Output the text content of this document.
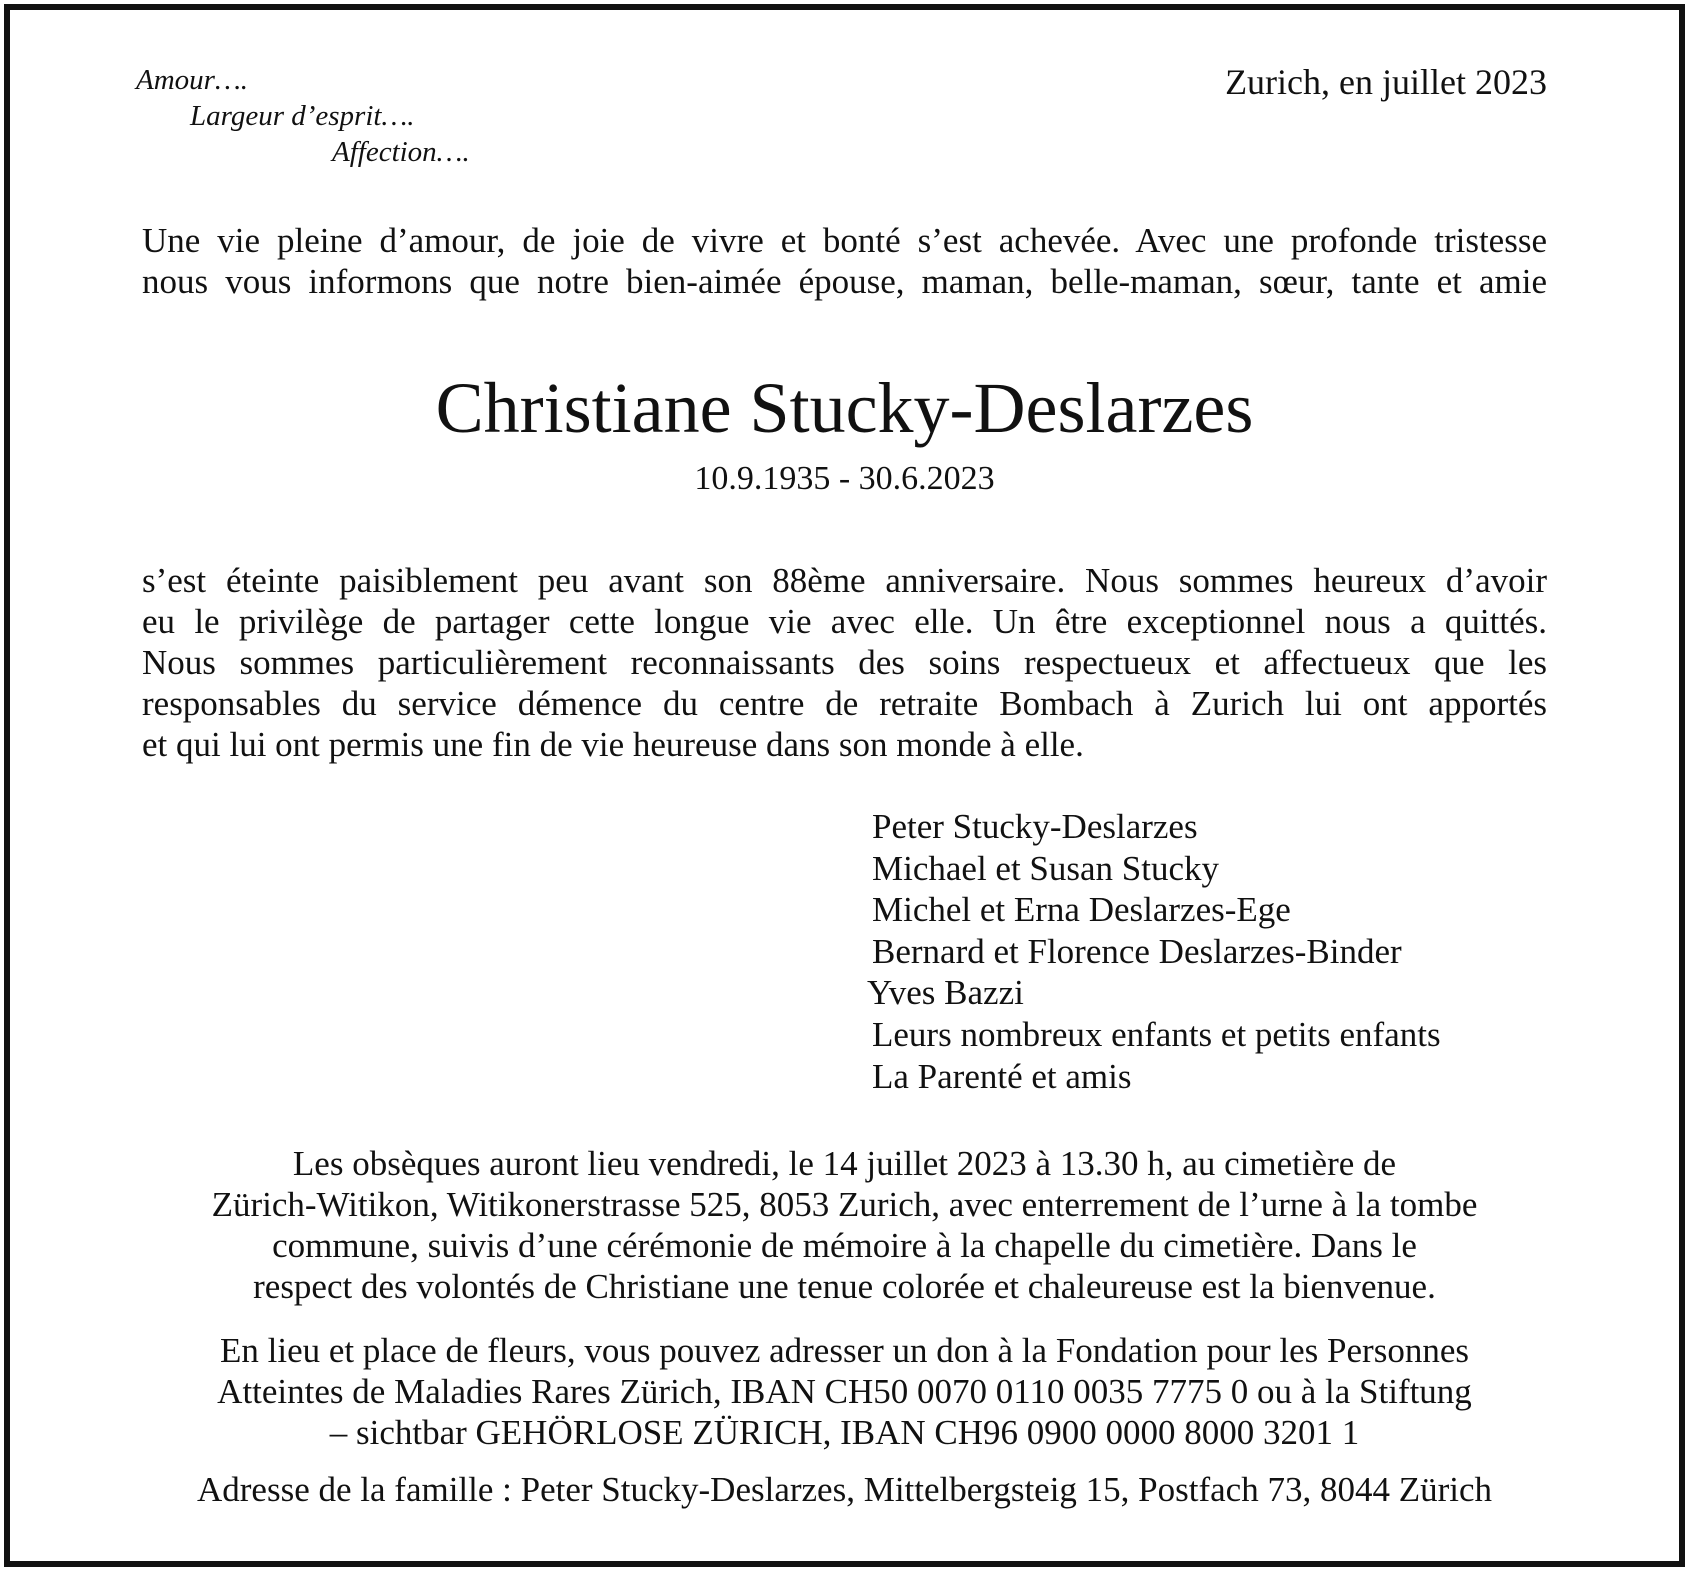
Amour….
Largeur d’esprit….
Affection….
Zurich, en juillet 2023
Une vie pleine d’amour, de joie de vivre et bonté s’est achevée. Avec une profonde tristesse
nous vous informons que notre bien-aimée épouse, maman, belle-maman, sœur, tante et amie
Christiane Stucky-Deslarzes
10.9.1935 - 30.6.2023
s’est éteinte paisiblement peu avant son 88ème anniversaire. Nous sommes heureux d’avoir
eu le privilège de partager cette longue vie avec elle. Un être exceptionnel nous a quittés.
Nous sommes particulièrement reconnaissants des soins respectueux et affectueux que les
responsables du service démence du centre de retraite Bombach à Zurich lui ont apportés
et qui lui ont permis une fin de vie heureuse dans son monde à elle.
Peter Stucky-Deslarzes
Michael et Susan Stucky
Michel et Erna Deslarzes-Ege
Bernard et Florence Deslarzes-Binder
Yves Bazzi
Leurs nombreux enfants et petits enfants
La Parenté et amis
Les obsèques auront lieu vendredi, le 14 juillet 2023 à 13.30 h, au cimetière de
Zürich-Witikon, Witikonerstrasse 525, 8053 Zurich, avec enterrement de l’urne à la tombe
commune, suivis d’une cérémonie de mémoire à la chapelle du cimetière. Dans le
respect des volontés de Christiane une tenue colorée et chaleureuse est la bienvenue.
En lieu et place de fleurs, vous pouvez adresser un don à la Fondation pour les Personnes
Atteintes de Maladies Rares Zürich, IBAN CH50 0070 0110 0035 7775 0 ou à la Stiftung
– sichtbar GEHÖRLOSE ZÜRICH, IBAN CH96 0900 0000 8000 3201 1
Adresse de la famille : Peter Stucky-Deslarzes, Mittelbergsteig 15, Postfach 73, 8044 Zürich
